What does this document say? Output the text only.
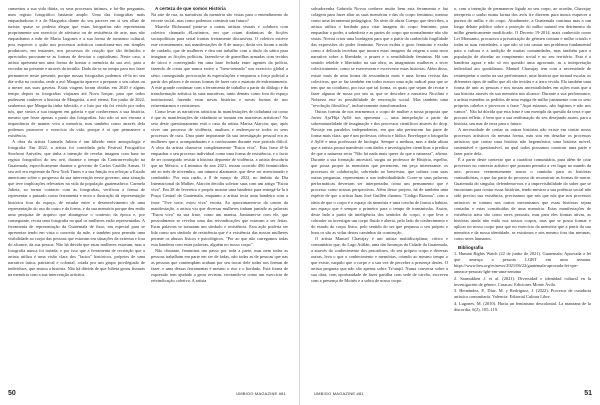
cumentou a sua vida diária, os seus processos íntimos, e foi-lhe perguntas, num registo fotográfico bastante amplo. Uma das fotografias mais enquadradoras é a de Margarita diante do seu parecer em si seu olhar de turista; quase se poderia alegar que estas fotografias não representam propriamente um exercício de ativismo ou de resistência de arte, mas não enquadramo a mãe de Maria Lugones e a sua forma de tornarmo cultural, pois esquecer o quão nos processos artísticos transforma-nos em simples produtores, em instantes, nos processos de criação que são definidos e apreciados procuram-se as formas de devotar o capitalismo. Neste caso, a artista apresenta-nos uma forma de honrar a memória da sua avó, para a recordar no presente e através da tertúlia. Dado da-se no tempo para nos fazer permanecer neste presente, porque nossas fotografias podemos vê-la no seu dia-a-dia na cozinha, onde a avó Margarita aparece a preparar o seu cabaz ou a mexer nas suas gavetas. Estas viagens foram obtidas em 2020 e alguns tempo depois as fotografias viajaram até Nova Iorque, para que todos pudessem conhecer a história de Margarita, a avó eterna. Em junho de 2022, soubemos que Margarita tinha falecido, e o luto por ela foi vivido por todos nós, que vimos a sua imagem em galeria e que conhecemos a sua história, mesmo que fosse apenas a partir das fotografias. Isto não só nos encarta a importância de manter viva a memória, mas também como através dela podemos promover o exercício da vida, porque é aí que permanece a existência.

A obra da artista Carmela Julieta é um híbrido entre antropologia e fotografia. Em 2022, a artista foi convidada pelo Festival Fotográfico Storfront Anivales, que tinha a intenção de revelar imagens com base no registo fotográfico do seu avô, durante o tempo da Contrarrevolução na Guatemala, especificamente durante o governo de Carlos Castillo Armas. O seu avô era expoente da New York Times e a sua função era reforçar a Estado americano sobre o progresso da sua intervenção nesse governo, uma situação que teve implicações relevantes na vida da população guatemalteca. Carmela Julieta, ao tornar contacto com as fotografias, verificou a forma de representar o passado como ferramenta e nova a ilustração da representação histórica fora do espaço, de estudar entre o desenvolvimento de uma representação do uso do outro e da forma, e da sua memória porque deu então uma pesquisa de arquivo que abrangesse o contexto da época e, por conseguinte, recria uma fotografia na qual os mulheres estão representadas. A ferramenta de representação da Guatemala de fisso, em especial para se apresentar tendo em vista o conceito da mãe, e também para permitir uma visibilidade ao corpo das pessoas que estavam em situações da extrema e fora do alcance, da sua pessoa. Não há dúvida que estas mulheres estavam, mas a fotografia nunca foi tratada, e por isso que a ferramenta de recriação que a artista utiliza é uma visão clara dos "factos" históricos, próprios de uma narrativa única, patriarcal e colonial, criada por um grupo privilegiado de indivíduos, que entrou a história. Não há dúvida de que Julieta gerou fissuras na memória com a sua intervenção artística.

A certeza de que somos História

Na arte de rua, as narrativas da memória são vistas para o entendimento do recorte social, mas como podemos construir um futuro?

Marcela Richmond junta-se a outras artistas visuais e colabora com coletivo chamado #Lostintros, em que criam dinâmicas de ficções sociopolíticas para serial ironias freiramente discursivas. O coletivo estreve este recentemente, nas manifestações de 8 de março, desta vez foram a ruído de cuidado, que de mulheres e deu um trabalho com o título da sátira para imaginar as ficções políticas, fazendo-se de guerrilhas armadas com tecidos de tricot e convergindo em uma base fechada entre agentes da polícia, fazendo de conta que nunca estive o "bem-treinado" um exercício global a sério, conseguindo provocação às especulações e empurrar a força policial a partir dos pilares e de outras formas de fazer cair o estatuto de enfrentamento. A este grande continuar com a ferramenta de trabalho a partir do diálogo e da transformação artística às suas narrativas, tanto demais como fora do espaço institucional, fazendo estas novas histórias e novas formas de nos reinventarmos e resistirmos.

Como levar as narrativas artísticas às manifestações de cidadania ou como é que as manifestações de cidadania se tornam em narrativas artísticas? No seio deste questionamento está o caso da artista Marisa Alarcón, que, após viver um processo de violência, analisou e endereçou-se todos os seus processos de cura. Uma parte importante da sua investigação pessoal era as mulheres que a acompanharam e a confortaram durante esse período difícil. A obra da artista chama-se completamente "Estou viva". Esta frase fê-la enquadrar o seu processo individual como uma forma de resistência, e o facto de ter conseguido resistir à história depoente de violência, a artista descobriu que no México, a 4 minutos do ano 2021, teriam ocorrido 466 feminicídios até ao mês de novembro, um número alarmante, que deve ser mencionado e combatido. Por esta razão, a 8 de março de 2022, no âmbito do Dia Internacional da Mulher, Alarcón decidiu soletrar suas com um artigo "Estou viva". Em 28 de fevereiro e propôs montar uma bandeira para entregá-la-la à Praça Central da Guatemala, enquanto a artista tecia uma bandeira com a frase "Tive sorte, estou viva" escrita. Ao aproximarem-se do centro da manifestação, a artista viu que diversas mulheres tinham juntado as palavras "Estou viva" na sua frase, como um mantra. Juntaram-se com ele, que pessoalmente se revelou uma das reivindicações que estavam a ser feitas. Estas palavras se tornaram um símbolo e resistência. Esta ação poderia ser lida como um símbolo de resistência que é a existência das nossas mulheres perante os abusos físicos e psicológicos. "Por ao que não carregamos todas esta bandeira com estas palavras, alguém no nosso corpo".

Não obstante, femininas um passo por toda a parte, mas nem todas as pessoas trabalham em parte em ser de fadas, não todas as de pessoas que nas as pessoas que contemplam acabam por seu trocar dele todas nos formas de fazer, e uma dessas ferramentas é mesmo o riso e o bordado. Esta forma de expressão tem ajudado a gerar revistas, recriando-se como um exercício de reivindicação coletiva. A artista

50	UMBIGO MAGAZINE #81

salvadorenha Gabriela Novoa conhece muito bem esta ferramenta e faz colagem para fazer aliar as suas memórias e das do corpo feminino, mesmo como uma ferramenta pedagógica. Na série de obras Cuerpo que describes, a artista utiliza o bordado para criar imagens do corpo feminino, para enquadrar o poder, a sabedoria e as partes do corpo que normalmente não são vistas. Novoa criou uma bordagem para que a partir da conhecida fragilidade das expressões do poder feminino. Novoa exibiu o gozo feminino e exalta como a delicada tecedura que mostra estas imagens da origem a uma nova narrativa sobre a liberdade, o prazer e a sensibilidade feminina. Há um sentido rebelde e libertador na sua obra, as imaginárias mulheres a tecer colectivamente, como se exercessem e escrevesse estas histórias. Além disso, existe mais de uma forma da ressonância mais é uma forma revista das colectivas, que se faz também em todos nossos uma ação radical para que se tem que no cotidiano, por isso que tal forma, os quais que sejam de recriar e fazer alguma de nossa por um ar, que se descobre a narrativa Nicolina e Nobreza este as possibilidade de renovação social. Mas também uma "revolução filosófica", inclusivamente transformadora.

Outras formas de nos rearmemos o corpo de mulher a nossa proposta que Javier Aju'Hija Ayllé nos apresenta — uma interpelação a partir da sobrenaturalidade de imaginação e dos processos científicos através do drop. Naviaje em paralelos independentes, em que não pertencem faz parte de forma mais clara, que é um professor, ciência e lúdica. Enveloppe a fotografia é Ayllé e uma professora de biologia. Sempre a medusa, mas a dada altura que a artista possui manifesto com dados e investigações científicas a predica de que a natureza seria "Não há nada mais queer do que a natureza", afirma. Durante a sua formação ancestral, surgiu ao professor de História, espelho, que possa propor às memórias que pertencem, em peça interessante, os processos de colaboração, sobretudo no bem-estar, que cultura com suas outras perguntas, representam a sua individualidade. Corre-se suas palavras performáticas deveriam ser interpretadas como um pensamento que é processo como nossas perspectivas. Além desse projeto, há de também uma espécie de que a artista Juan José Guillén chamou "Código Rizoma", com a ideia de que o corpo é o espaço da memória e uma concha de forma a habitar, um espaço que é sempre o primeiro para o tempo de transmissão. Assim, deste lado a partir da inteligência dos sentidos do corpo, o que leva o cobrador ao investigar um corpo fluido e aberto, pelo lado do conhecimento e do estudo do corpo físico, pelo sentido do ser que perpassa o seu próprio e bons os são as vidas destes caminhos da construção.

O artista Manuel Chavajay é um artista multidisciplinar, crítico e comunitário que, do Lago Atitlán, uma das heranças da Cidade da Guatemala, a através do conhecimento dos pescadores, do seu próprio corpo e diversas outras, leva o que o conhecimento e memórias, criando ao mesmo tempo o que existe, naquilo que o corpo e a sua vez de perceber a presença destes. O artista pergunta que não são apenas sobre Tz'utujil. Numa conversa sobre a sua obra, com oportunidade de fazer partilha com sede de carvão, escreveu com a presença de Moisés e a sobra de nosso corpo.

o, com a intenção de permanecer ligado ao seu corpo, ao acordar, Chavajay interpreta o sonho numa forma dos avós fre dizerem para nunca esquecer a pureza do milho e do corpo. Atualmente, a Guatemala continua mas a um longo debate público sobre a proteção do milho natural em detrimento do milho geneticamente modificado. O Decreto 19-2014, mais conhecido como Lei Monsanto, procurava a privatização do gérmen comum e milho crioulo e todas as suas variedades, o que não só iria causar um problema fundamental para a cultura e a tradição de muitas comunidades, mas também para a população de abordar ao rompimento social e no seu território. Esta é a bandeira agora e não só em questão uma agravante, as a interpretação individual aos quotidianos. Manuel Chavajay tem com a necessidade de reinterpretar o sonho na sua performance, uma história que tornará escolar os diferentes tipos de milho que ali são tecidas e a terra vivida. Ela também uma forma de unir as pessoas e nos nossas ancestralidades em ações mais que a sua história através da sua memória nos alcance. Durante a sua performance, a artista estendeu os pedidos de uma espiga de milho justamente com os seus próprios cabelos e provocou a frase "Aqui estamos, não fugimos e não nos vamos". Não há dúvida que esta frase é um exemplo da questão da terra e que procura refletir, é bem que a sua reafirmação do seu desejando assim, para a história, um mar de terra para o futuro.

A necessidade de contar as outras histórias não existe em contar nosso processos artísticos da mesma forma, mas sim em desafiar os processos artísticos que contar uma história não hegemónica, uma história móvel, sustentável e questionável, na qual todos possamos construir uma parte e fazer parte dela.

É a partir deste contexto que a curadora comunitária, para além de criar processos no contexto artístico que possam permitir a ver lugar no mundo da arte, procura veementemente atacar o caminho para as histórias contraditórias, o que faz parte do processo de reconstruir as formas de narrar. Guatemala do singular, defendemo-nos e a imprevisibilidade do saber que se encontram para contar essas histórias, tendo mostrar a sua potência social não sido preciso sua existência, precisamos que nós que nós que nos processos artísticos se tornam nos outros mecanismos que essas histórias sejam contadas e estas constituídas de uma memória. Estas manifestações de existência ativa são como seres pessoais, mas para eles formas ativas, as histórias ainda não estão nos nossos corpos, mas que se possa formar e aplicar no nosso corpo para que no exercício da memória que a partir da sua memória e da nossa identidade, se existimos e nos mesmo fora das mesmas, como seres humanos.

Bibliografia

1. Human Rights Watch (22 de junho de 2021). Guatemala: Aprovada a lei que ameaça a pessoas LGBT em uma semana. https://www.hrw.org/es/news/2021/06/22/guatemala-aprovada-lei-que-ameaca-pessoas-lgbt-em-uma-semana
2. Sarmukhen J. et al. (2021). Diversidad e identidad cultural en la investigación de género. Caracas: Ediciones Monte Ávila.
3. Hernández, P., Díaz, M. y Rodríguez, J. (2022). Procesos de curaduría artística comunitaria. Valencia: Editorial Cultura Libre.
4. Lugones, M. (2010). Hacia un feminismo descolonial. La manzana de la discordia, 6(2), 105–119.
UMBIGO MAGAZINE #81	51
